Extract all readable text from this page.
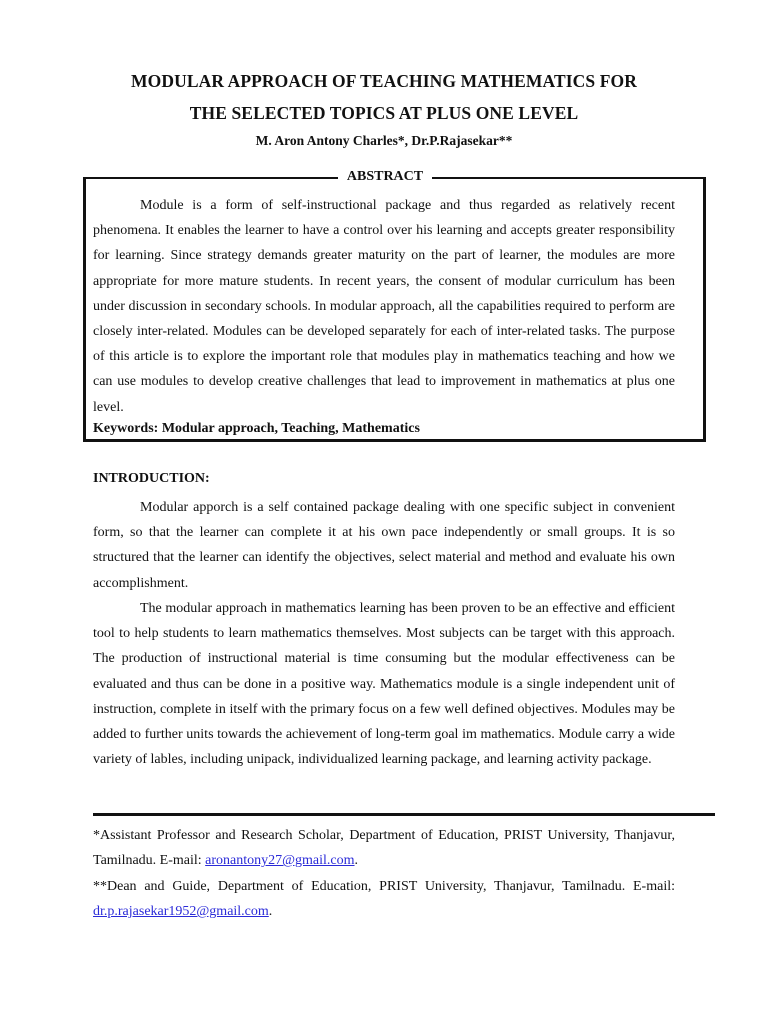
MODULAR APPROACH OF TEACHING MATHEMATICS FOR
THE SELECTED TOPICS AT PLUS ONE LEVEL
M. Aron Antony Charles*, Dr.P.Rajasekar**
ABSTRACT
Module is a form of self-instructional package and thus regarded as relatively recent phenomena. It enables the learner to have a control over his learning and accepts greater responsibility for learning. Since strategy demands greater maturity on the part of learner, the modules are more appropriate for more mature students. In recent years, the consent of modular curriculum has been under discussion in secondary schools. In modular approach, all the capabilities required to perform are closely inter-related. Modules can be developed separately for each of inter-related tasks. The purpose of this article is to explore the important role that modules play in mathematics teaching and how we can use modules to develop creative challenges that lead to improvement in mathematics at plus one level.
Keywords: Modular approach, Teaching, Mathematics
INTRODUCTION:
Modular apporch is a self contained package dealing with one specific subject in convenient form, so that the learner can complete it at his own pace independently or small groups. It is so structured that the learner can identify the objectives, select material and method and evaluate his own accomplishment.
The modular approach in mathematics learning has been proven to be an effective and efficient tool to help students to learn mathematics themselves. Most subjects can be target with this approach. The production of instructional material is time consuming but the modular effectiveness can be evaluated and thus can be done in a positive way. Mathematics module is a single independent unit of instruction, complete in itself with the primary focus on a few well defined objectives. Modules may be added to further units towards the achievement of long-term goal im mathematics. Module carry a wide variety of lables, including unipack, individualized learning package, and learning activity package.
*Assistant Professor and Research Scholar, Department of Education, PRIST University, Thanjavur, Tamilnadu. E-mail: aronantony27@gmail.com.
**Dean and Guide, Department of Education, PRIST University, Thanjavur, Tamilnadu. E-mail: dr.p.rajasekar1952@gmail.com.
